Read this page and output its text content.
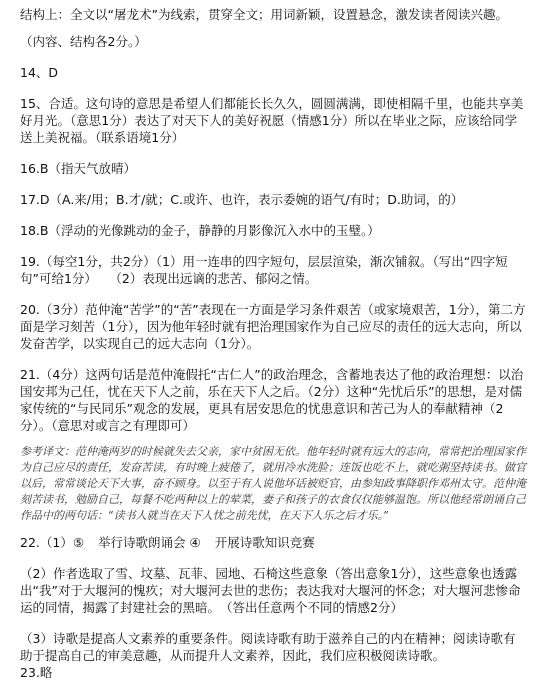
结构上：全文以“屠龙术”为线索，贯穿全文；用词新颖，设置悬念，激发读者阅读兴趣。

（内容、结构各2分。）

14、D

15、合适。这句诗的意思是希望人们都能长长久久，圆圆满满，即使相隔千里，也能共享美好月光。（意思1分）表达了对天下人的美好祝愿（情感1分）所以在毕业之际，应该给同学送上美祝福。（联系语境1分）

16.B（指天气放晴）

17.D（A.来/用；B.才/就；C.或许、也许，表示委婉的语气/有时；D.助词，的）

18.B（浮动的光像跳动的金子，静静的月影像沉入水中的玉璧。）

19.（每空1分，共2分）（1）用一连串的四字短句，层层渲染，渐次铺叙。（写出“四字短句”可给1分）　　（2）表现出远谪的悲苦、郁闷之情。

20.（3分）范仲淹“苦学”的“苦”表现在一方面是学习条件艰苦（或家境艰苦，1分），第二方面是学习刻苦（1分），因为他年轻时就有把治理国家作为自己应尽的责任的远大志向，所以发奋苦学，以实现自己的远大志向（1分）。

21.（4分）这两句话是范仲淹假托“古仁人”的政治理念，含蓄地表达了他的政治理想：以治国安邦为己任，忧在天下人之前，乐在天下人之后。（2分）这种“先忧后乐”的思想，是对儒家传统的“与民同乐”观念的发展，更具有居安思危的忧患意识和苦己为人的奉献精神（2分）。（意思对或言之有理即可）

参考译文：范仲淹两岁的时候就失去父亲，家中贫困无依。他年轻时就有远大的志向，常常把治理国家作为自己应尽的责任，发奋苦读，有时晚上疲倦了，就用冷水洗脸；连饭也吃不上，就吃粥坚持读书。做官以后，常常谈论天下大事，奋不顾身。以至于有人说他坏话被贬官，由参知政事降职作邓州太守。范仲淹刻苦读书，勉励自己，每餐不吃两种以上的荤菜，妻子和孩子的衣食仅仅能够温饱。所以他经常朗诵自己作品中的两句话：“读书人就当在天下人忧之前先忧，在天下人乐之后才乐。”

22.（1）⑤ 举行诗歌朗诵会 ④ 开展诗歌知识竞赛

（2）作者选取了雪、坟墓、瓦菲、园地、石椅这些意象（答出意象1分），这些意象也透露出“我”对于大堰河的愧疚；对大堰河去世的悲伤；表达我对大堰河的怀念；对大堰河悲惨命运的同情，揭露了封建社会的黑暗。　（答出任意两个不同的情感2分）

（3）诗歌是提高人文素养的重要条件。阅读诗歌有助于滋养自己的内在精神；阅读诗歌有助于提高自己的审美意趣，从而提升人文素养，因此，我们应积极阅读诗歌。

23.略
